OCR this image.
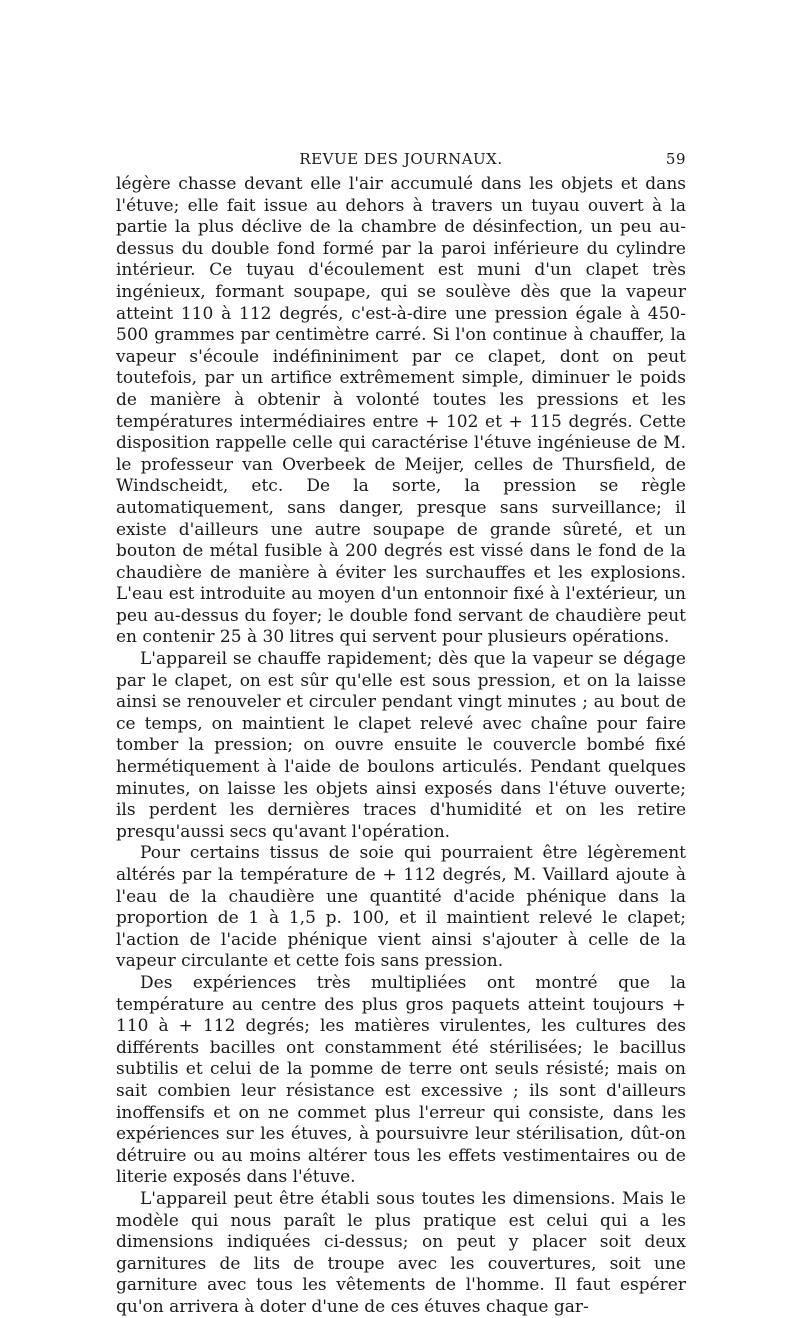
REVUE DES JOURNAUX.	59

légère chasse devant elle l'air accumulé dans les objets et dans l'étuve; elle fait issue au dehors à travers un tuyau ouvert à la partie la plus déclive de la chambre de désinfection, un peu au-dessus du double fond formé par la paroi inférieure du cylindre intérieur. Ce tuyau d'écoulement est muni d'un clapet très ingénieux, formant soupape, qui se soulève dès que la vapeur atteint 110 à 112 degrés, c'est-à-dire une pression égale à 450-500 grammes par centimètre carré. Si l'on continue à chauffer, la vapeur s'écoule indéfininiment par ce clapet, dont on peut toutefois, par un artifice extrêmement simple, diminuer le poids de manière à obtenir à volonté toutes les pressions et les températures intermédiaires entre + 102 et + 115 degrés. Cette disposition rappelle celle qui caractérise l'étuve ingénieuse de M. le professeur van Overbeek de Meijer, celles de Thursfield, de Windscheidt, etc. De la sorte, la pression se règle automatiquement, sans danger, presque sans surveillance; il existe d'ailleurs une autre soupape de grande sûreté, et un bouton de métal fusible à 200 degrés est vissé dans le fond de la chaudière de manière à éviter les surchauffes et les explosions. L'eau est introduite au moyen d'un entonnoir fixé à l'extérieur, un peu au-dessus du foyer; le double fond servant de chaudière peut en contenir 25 à 30 litres qui servent pour plusieurs opérations.

L'appareil se chauffe rapidement; dès que la vapeur se dégage par le clapet, on est sûr qu'elle est sous pression, et on la laisse ainsi se renouveler et circuler pendant vingt minutes ; au bout de ce temps, on maintient le clapet relevé avec chaîne pour faire tomber la pression; on ouvre ensuite le couvercle bombé fixé hermétiquement à l'aide de boulons articulés. Pendant quelques minutes, on laisse les objets ainsi exposés dans l'étuve ouverte; ils perdent les dernières traces d'humidité et on les retire presqu'aussi secs qu'avant l'opération.

Pour certains tissus de soie qui pourraient être légèrement altérés par la température de + 112 degrés, M. Vaillard ajoute à l'eau de la chaudière une quantité d'acide phénique dans la proportion de 1 à 1,5 p. 100, et il maintient relevé le clapet; l'action de l'acide phénique vient ainsi s'ajouter à celle de la vapeur circulante et cette fois sans pression.

Des expériences très multipliées ont montré que la température au centre des plus gros paquets atteint toujours + 110 à + 112 degrés; les matières virulentes, les cultures des différents bacilles ont constamment été stérilisées; le bacillus subtilis et celui de la pomme de terre ont seuls résisté; mais on sait combien leur résistance est excessive ; ils sont d'ailleurs inoffensifs et on ne commet plus l'erreur qui consiste, dans les expériences sur les étuves, à poursuivre leur stérilisation, dût-on détruire ou au moins altérer tous les effets vestimentaires ou de literie exposés dans l'étuve.

L'appareil peut être établi sous toutes les dimensions. Mais le modèle qui nous paraît le plus pratique est celui qui a les dimensions indiquées ci-dessus; on peut y placer soit deux garnitures de lits de troupe avec les couvertures, soit une garniture avec tous les vêtements de l'homme. Il faut espérer qu'on arrivera à doter d'une de ces étuves chaque gar-
